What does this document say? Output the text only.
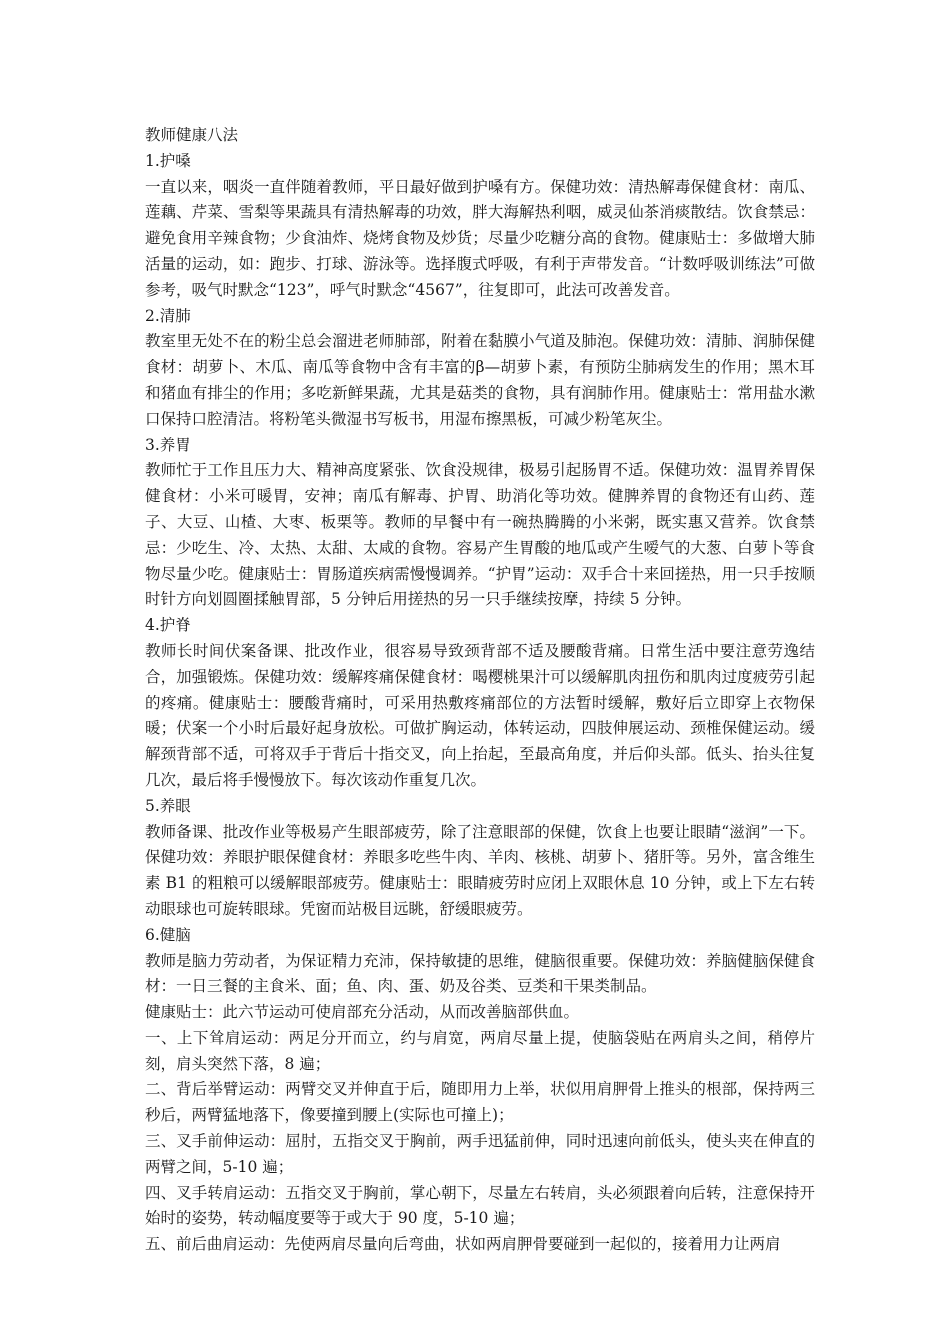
教师健康八法

1.护嗓

一直以来，咽炎一直伴随着教师，平日最好做到护嗓有方。保健功效：清热解毒保健食材：南瓜、莲藕、芹菜、雪梨等果蔬具有清热解毒的功效，胖大海解热利咽，威灵仙茶消痰散结。饮食禁忌：避免食用辛辣食物；少食油炸、烧烤食物及炒货；尽量少吃糖分高的食物。健康贴士：多做增大肺活量的运动，如：跑步、打球、游泳等。选择腹式呼吸，有利于声带发音。“计数呼吸训练法”可做参考，吸气时默念“123”，呼气时默念“4567”，往复即可，此法可改善发音。

2.清肺

教室里无处不在的粉尘总会溜进老师肺部，附着在黏膜小气道及肺泡。保健功效：清肺、润肺保健食材：胡萝卜、木瓜、南瓜等食物中含有丰富的β—胡萝卜素，有预防尘肺病发生的作用；黑木耳和猪血有排尘的作用；多吃新鲜果蔬，尤其是菇类的食物，具有润肺作用。健康贴士：常用盐水漱口保持口腔清洁。将粉笔头微湿书写板书，用湿布擦黑板，可减少粉笔灰尘。

3.养胃

教师忙于工作且压力大、精神高度紧张、饮食没规律，极易引起肠胃不适。保健功效：温胃养胃保健食材：小米可暖胃，安神；南瓜有解毒、护胃、助消化等功效。健脾养胃的食物还有山药、莲子、大豆、山楂、大枣、板栗等。教师的早餐中有一碗热腾腾的小米粥，既实惠又营养。饮食禁忌：少吃生、冷、太热、太甜、太咸的食物。容易产生胃酸的地瓜或产生嗳气的大葱、白萝卜等食物尽量少吃。健康贴士：胃肠道疾病需慢慢调养。“护胃”运动：双手合十来回搓热，用一只手按顺时针方向划圆圈揉触胃部，5 分钟后用搓热的另一只手继续按摩，持续 5 分钟。

4.护脊

教师长时间伏案备课、批改作业，很容易导致颈背部不适及腰酸背痛。日常生活中要注意劳逸结合，加强锻炼。保健功效：缓解疼痛保健食材：喝樱桃果汁可以缓解肌肉扭伤和肌肉过度疲劳引起的疼痛。健康贴士：腰酸背痛时，可采用热敷疼痛部位的方法暂时缓解，敷好后立即穿上衣物保暖；伏案一个小时后最好起身放松。可做扩胸运动，体转运动，四肢伸展运动、颈椎保健运动。缓解颈背部不适，可将双手于背后十指交叉，向上抬起，至最高角度，并后仰头部。低头、抬头往复几次，最后将手慢慢放下。每次该动作重复几次。

5.养眼

教师备课、批改作业等极易产生眼部疲劳，除了注意眼部的保健，饮食上也要让眼睛“滋润”一下。保健功效：养眼护眼保健食材：养眼多吃些牛肉、羊肉、核桃、胡萝卜、猪肝等。另外，富含维生素 B1 的粗粮可以缓解眼部疲劳。健康贴士：眼睛疲劳时应闭上双眼休息 10 分钟，或上下左右转动眼球也可旋转眼球。凭窗而站极目远眺，舒缓眼疲劳。

6.健脑

教师是脑力劳动者，为保证精力充沛，保持敏捷的思维，健脑很重要。保健功效：养脑健脑保健食材：一日三餐的主食米、面；鱼、肉、蛋、奶及谷类、豆类和干果类制品。

健康贴士：此六节运动可使肩部充分活动，从而改善脑部供血。

一、上下耸肩运动：两足分开而立，约与肩宽，两肩尽量上提，使脑袋贴在两肩头之间，稍停片刻，肩头突然下落，8 遍；

二、背后举臂运动：两臂交叉并伸直于后，随即用力上举，状似用肩胛骨上推头的根部，保持两三秒后，两臂猛地落下，像要撞到腰上(实际也可撞上)；

三、叉手前伸运动：屈肘，五指交叉于胸前，两手迅猛前伸，同时迅速向前低头，使头夹在伸直的两臂之间，5-10 遍；

四、叉手转肩运动：五指交叉于胸前，掌心朝下，尽量左右转肩，头必须跟着向后转，注意保持开始时的姿势，转动幅度要等于或大于 90 度，5-10 遍；

五、前后曲肩运动：先使两肩尽量向后弯曲，状如两肩胛骨要碰到一起似的，接着用力让两肩
